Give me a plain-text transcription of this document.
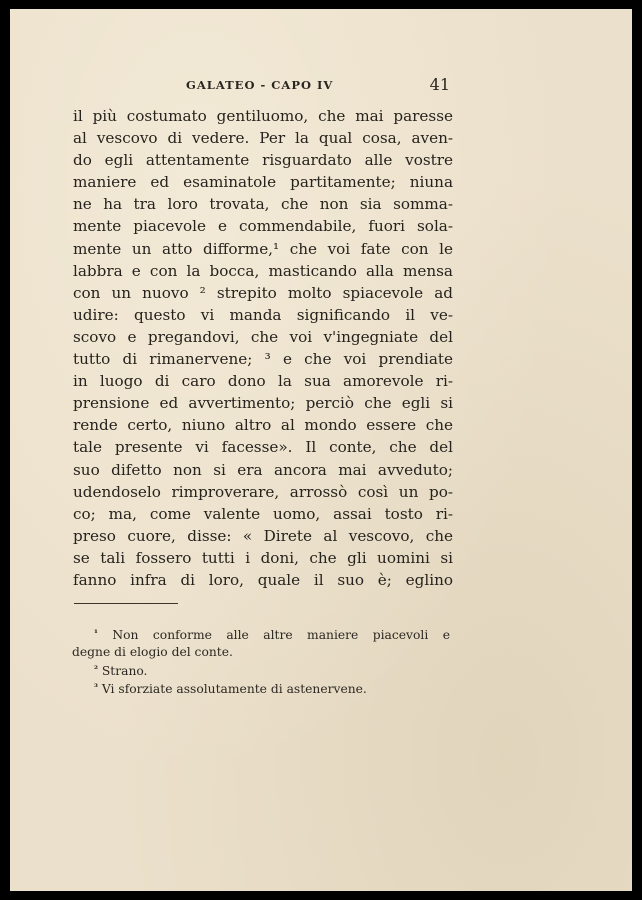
GALATEO - CAPO IV	41
il più costumato gentiluomo, che mai paresse
al vescovo di vedere. Per la qual cosa, aven-
do egli attentamente risguardato alle vostre
maniere ed esaminatole partitamente; niuna
ne ha tra loro trovata, che non sia somma-
mente piacevole e commendabile, fuori sola-
mente un atto difforme,¹ che voi fate con le
labbra e con la bocca, masticando alla mensa
con un nuovo ² strepito molto spiacevole ad
udire: questo vi manda significando il ve-
scovo e pregandovi, che voi v'ingegniate del
tutto di rimanervene; ³ e che voi prendiate
in luogo di caro dono la sua amorevole ri-
prensione ed avvertimento; perciò che egli si
rende certo, niuno altro al mondo essere che
tale presente vi facesse». Il conte, che del
suo difetto non si era ancora mai avveduto;
udendoselo rimproverare, arrossò così un po-
co; ma, come valente uomo, assai tosto ri-
preso cuore, disse: « Direte al vescovo, che
se tali fossero tutti i doni, che gli uomini si
fanno infra di loro, quale il suo è; eglino
$^{^1}$ Non conforme alle altre maniere piacevoli e
degne di elogio del conte.
$^{^2}$ Strano.
$^{^3}$ Vi sforziate assolutamente di astenervene.
